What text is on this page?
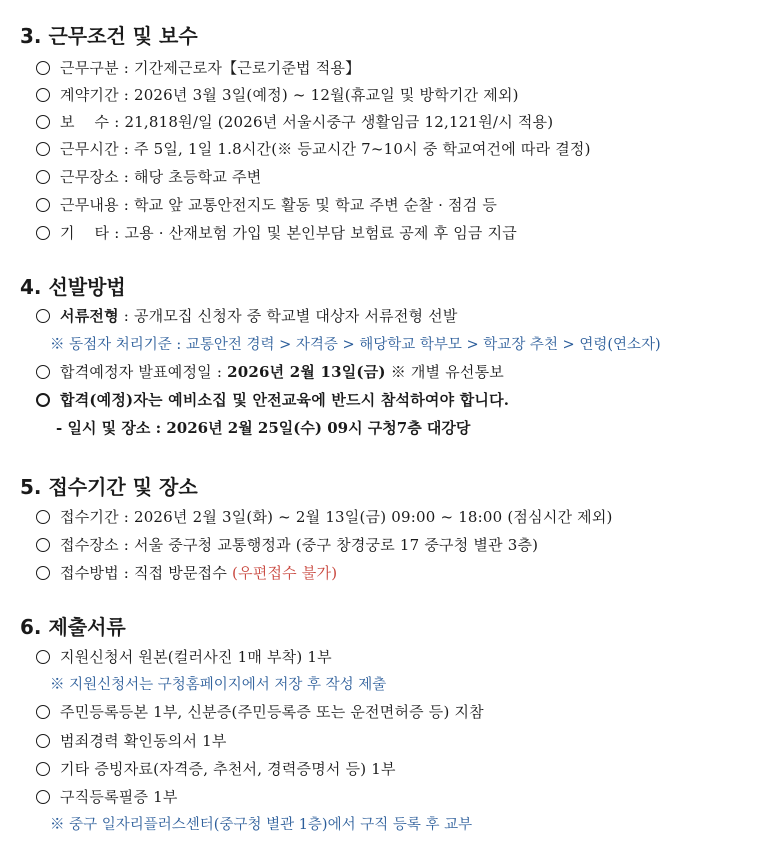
3. 근무조건 및 보수
근무구분 : 기간제근로자【근로기준법 적용】
계약기간 : 2026년 3월 3일(예정) ~ 12월(휴교일 및 방학기간 제외)
보    수 : 21,818원/일 (2026년 서울시중구 생활임금 12,121원/시 적용)
근무시간 : 주 5일, 1일 1.8시간(※ 등교시간 7~10시 중 학교여건에 따라 결정)
근무장소 : 해당 초등학교 주변
근무내용 : 학교 앞 교통안전지도 활동 및 학교 주변 순찰 · 점검 등
기    타 : 고용 · 산재보험 가입 및 본인부담 보험료 공제 후 임금 지급
4. 선발방법
서류전형 : 공개모집 신청자 중 학교별 대상자 서류전형 선발
※ 동점자 처리기준 : 교통안전 경력 > 자격증 > 해당학교 학부모 > 학교장 추천 > 연령(연소자)
합격예정자 발표예정일 : 2026년 2월 13일(금) ※ 개별 유선통보
합격(예정)자는 예비소집 및 안전교육에 반드시 참석하여야 합니다.
- 일시 및 장소 : 2026년 2월 25일(수) 09시 구청7층 대강당
5. 접수기간 및 장소
접수기간 : 2026년 2월 3일(화) ~ 2월 13일(금) 09:00 ~ 18:00 (점심시간 제외)
접수장소 : 서울 중구청 교통행정과 (중구 창경궁로 17 중구청 별관 3층)
접수방법 : 직접 방문접수 (우편접수 불가)
6. 제출서류
지원신청서 원본(컬러사진 1매 부착) 1부
※ 지원신청서는 구청홈페이지에서 저장 후 작성 제출
주민등록등본 1부, 신분증(주민등록증 또는 운전면허증 등) 지참
범죄경력 확인동의서 1부
기타 증빙자료(자격증, 추천서, 경력증명서 등) 1부
구직등록필증 1부
※ 중구 일자리플러스센터(중구청 별관 1층)에서 구직 등록 후 교부
